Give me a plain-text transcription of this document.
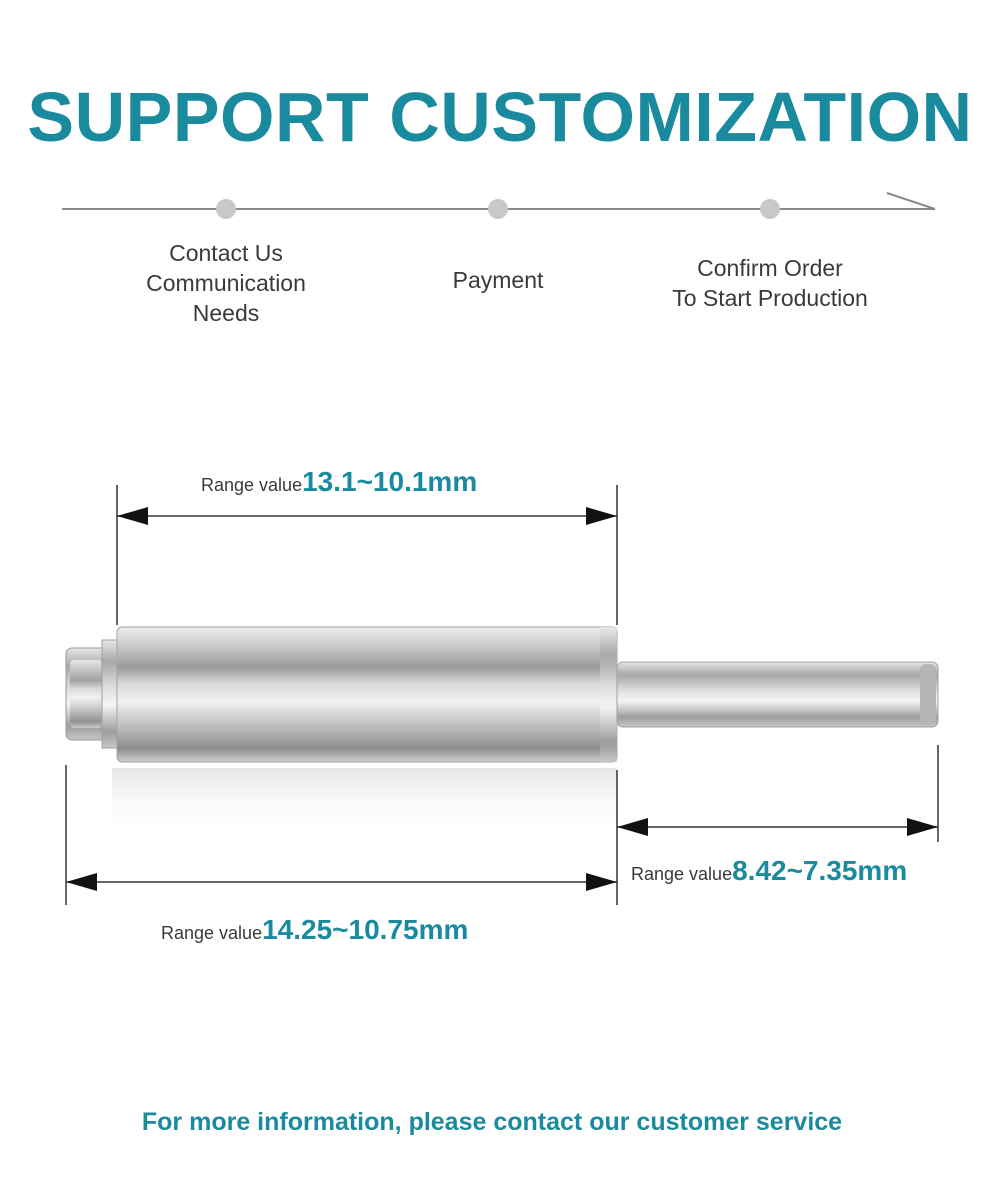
SUPPORT CUSTOMIZATION
Contact Us
Communication
Needs
Payment	Confirm Order
To Start Production
Range value13.1~10.1mm
Range value8.42~7.35mm
Range value14.25~10.75mm
For more information, please contact our customer service
